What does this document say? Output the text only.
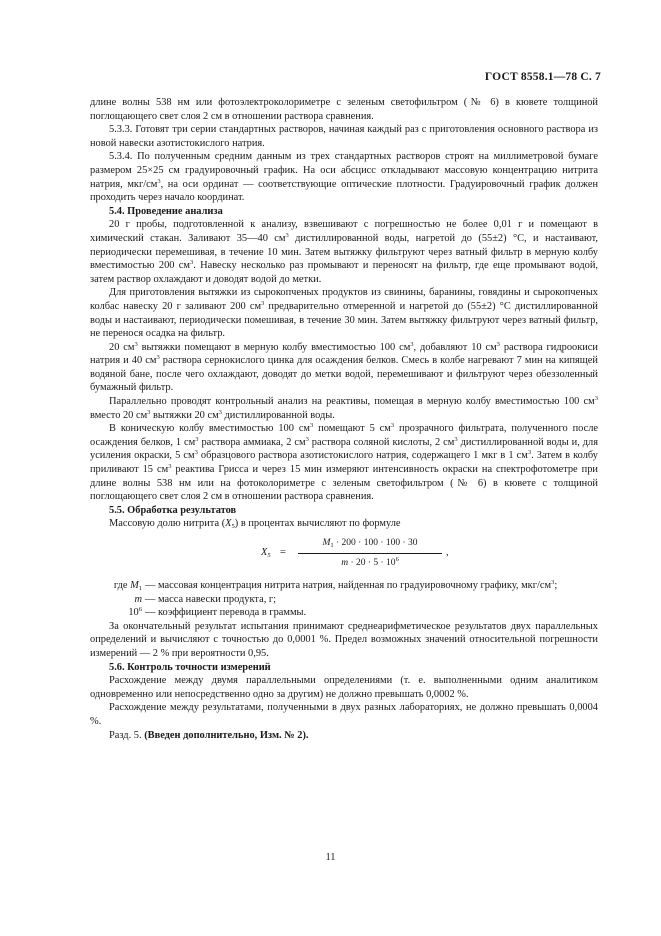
ГОСТ 8558.1—78 С. 7

длине волны 538 нм или фотоэлектроколориметре с зеленым светофильтром (№ 6) в кювете толщиной поглощающего свет слоя 2 см в отношении раствора сравнения.

5.3.3. Готовят три серии стандартных растворов, начиная каждый раз с приготовления основного раствора из новой навески азотистокислого натрия.

5.3.4. По полученным средним данным из трех стандартных растворов строят на миллиметровой бумаге размером 25×25 см градуировочный график. На оси абсцисс откладывают массовую концентрацию нитрита натрия, мкг/$см^3$, на оси ординат — соответствующие оптические плотности. Градуировочный график должен проходить через начало координат.

5.4. Проведение анализа

20 г пробы, подготовленной к анализу, взвешивают с погрешностью не более 0,01 г и помещают в химический стакан. Заливают 35—40 $см^3$ дистиллированной воды, нагретой до (55±2) °С, и настаивают, периодически перемешивая, в течение 10 мин. Затем вытяжку фильтруют через ватный фильтр в мерную колбу вместимостью 200 $см^3$. Навеску несколько раз промывают и переносят на фильтр, где еще промывают водой, затем раствор охлаждают и доводят водой до метки.

Для приготовления вытяжки из сырокопченых продуктов из свинины, баранины, говядины и сырокопченых колбас навеску 20 г заливают 200 $см^3$ предварительно отмеренной и нагретой до (55±2) °С дистиллированной воды и настаивают, периодически помешивая, в течение 30 мин. Затем вытяжку фильтруют через ватный фильтр, не перенося осадка на фильтр.

20 $см^3$ вытяжки помещают в мерную колбу вместимостью 100 $см^3$, добавляют 10 $см^3$ раствора гидроокиси натрия и 40 $см^3$ раствора сернокислого цинка для осаждения белков. Смесь в колбе нагревают 7 мин на кипящей водяной бане, после чего охлаждают, доводят до метки водой, перемешивают и фильтруют через обеззоленный бумажный фильтр.

Параллельно проводят контрольный анализ на реактивы, помещая в мерную колбу вместимостью 100 $см^3$ вместо 20 $см^3$ вытяжки 20 $см^3$ дистиллированной воды.

В коническую колбу вместимостью 100 $см^3$ помещают 5 $см^3$ прозрачного фильтрата, полученного после осаждения белков, 1 $см^3$ раствора аммиака, 2 $см^3$ раствора соляной кислоты, 2 $см^3$ дистиллированной воды и, для усиления окраски, 5 $см^3$ образцового раствора азотистокислого натрия, содержащего 1 мкг в 1 $см^3$. Затем в колбу приливают 15 $см^3$ реактива Грисса и через 15 мин измеряют интенсивность окраски на спектрофотометре при длине волны 538 нм или на фотоколориметре с зеленым светофильтром (№ 6) в кювете с толщиной поглощающего свет слоя 2 см в отношении раствора сравнения.

5.5. Обработка результатов

Массовую долю нитрита $(X_5)$ в процентах вычисляют по формуле

$X_5 = \frac{M_1 \cdot 200 \cdot 100 \cdot 100 \cdot 30}{m \cdot 20 \cdot 5 \cdot 10^6}$ ,
где $M_1$ — массовая концентрация нитрита натрия, найденная по градуировочному графику, мкг/$см^3$;
m — масса навески продукта, г;
$10^6$ — коэффициент перевода в граммы.

За окончательный результат испытания принимают среднеарифметическое результатов двух параллельных определений и вычисляют с точностью до 0,0001 %. Предел возможных значений относительной погрешности измерений — 2 % при вероятности 0,95.

5.6. Контроль точности измерений

Расхождение между двумя параллельными определениями (т. е. выполненными одним аналитиком одновременно или непосредственно одно за другим) не должно превышать 0,0002 %.

Расхождение между результатами, полученными в двух разных лабораториях, не должно превышать 0,0004 %.

Разд. 5. (Введен дополнительно, Изм. № 2).

11
